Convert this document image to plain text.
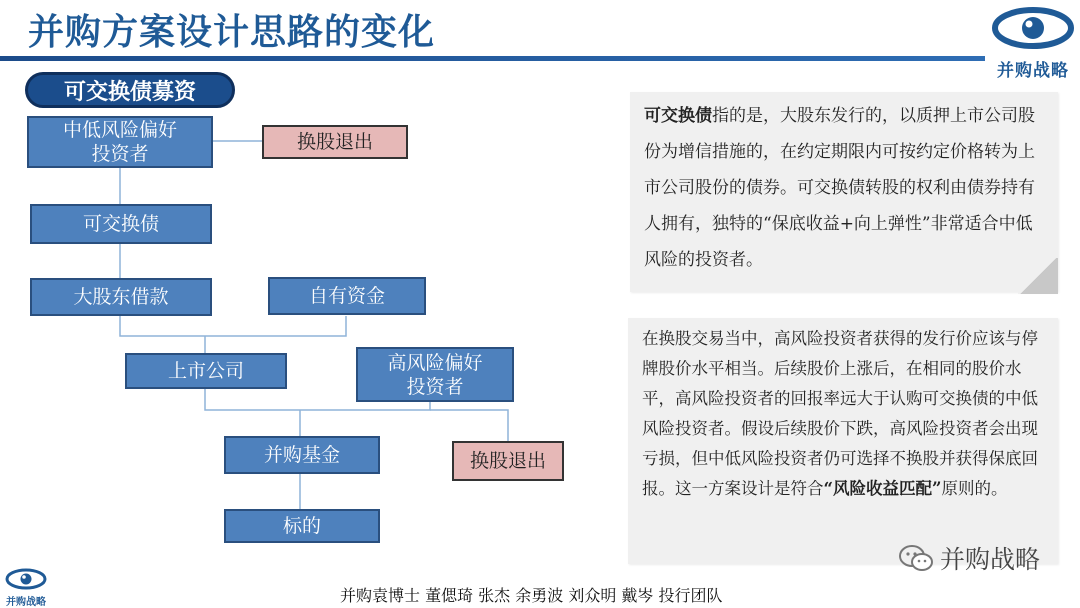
并购方案设计思路的变化
并购战略
可交换债募资
中低风险偏好
投资者
换股退出
可交换债
大股东借款	自有资金
上市公司	高风险偏好
投资者
并购基金	换股退出
标的
可交换债指的是，大股东发行的，以质押上市公司股份为增信措施的，在约定期限内可按约定价格转为上市公司股份的债券。可交换债转股的权利由债券持有人拥有，独特的“保底收益+向上弹性”非常适合中低风险的投资者。
在换股交易当中，高风险投资者获得的发行价应该与停牌股价水平相当。后续股价上涨后，在相同的股价水平，高风险投资者的回报率远大于认购可交换债的中低风险投资者。假设后续股价下跌，高风险投资者会出现亏损，但中低风险投资者仍可选择不换股并获得保底回报。这一方案设计是符合“风险收益匹配”原则的。
并购战略
并购战略	并购袁博士 董偲琦 张杰 余勇波 刘众明 戴岑 投行团队
